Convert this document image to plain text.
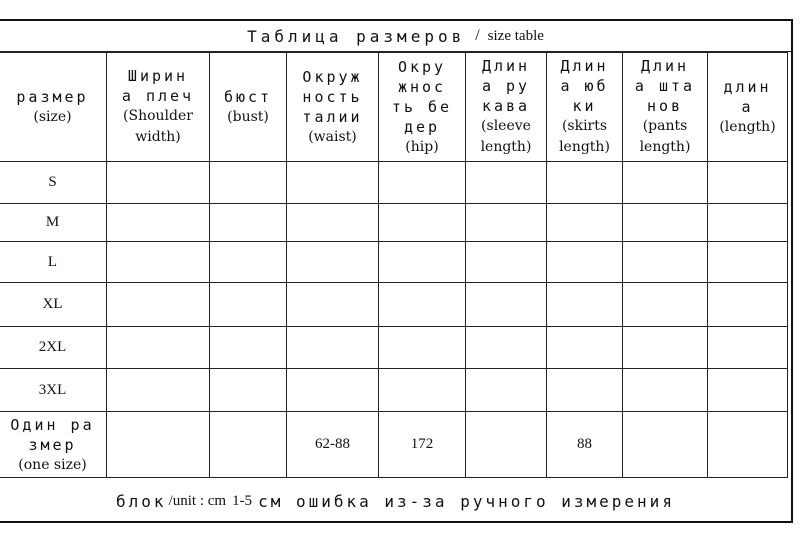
Таблица размеров / size table
размер
(size)	Ширин
а плеч
(Shoulder
width)	бюст
(bust)	Окруж
ность
талии
(waist)	Окру
жнос
ть бе
дер
(hip)	Длин
а ру
кава
(sleeve
length)	Длин
а юб
ки
(skirts
length)	Длин
а шта
нов
(pants
length)	длин
а
(length)

S								
M								
L								
XL								
2XL								
3XL								

Один ра
змер
(one size)			62-88	172		88		
блок /unit : cm 1-5 см ошибка из-за ручного измерения
